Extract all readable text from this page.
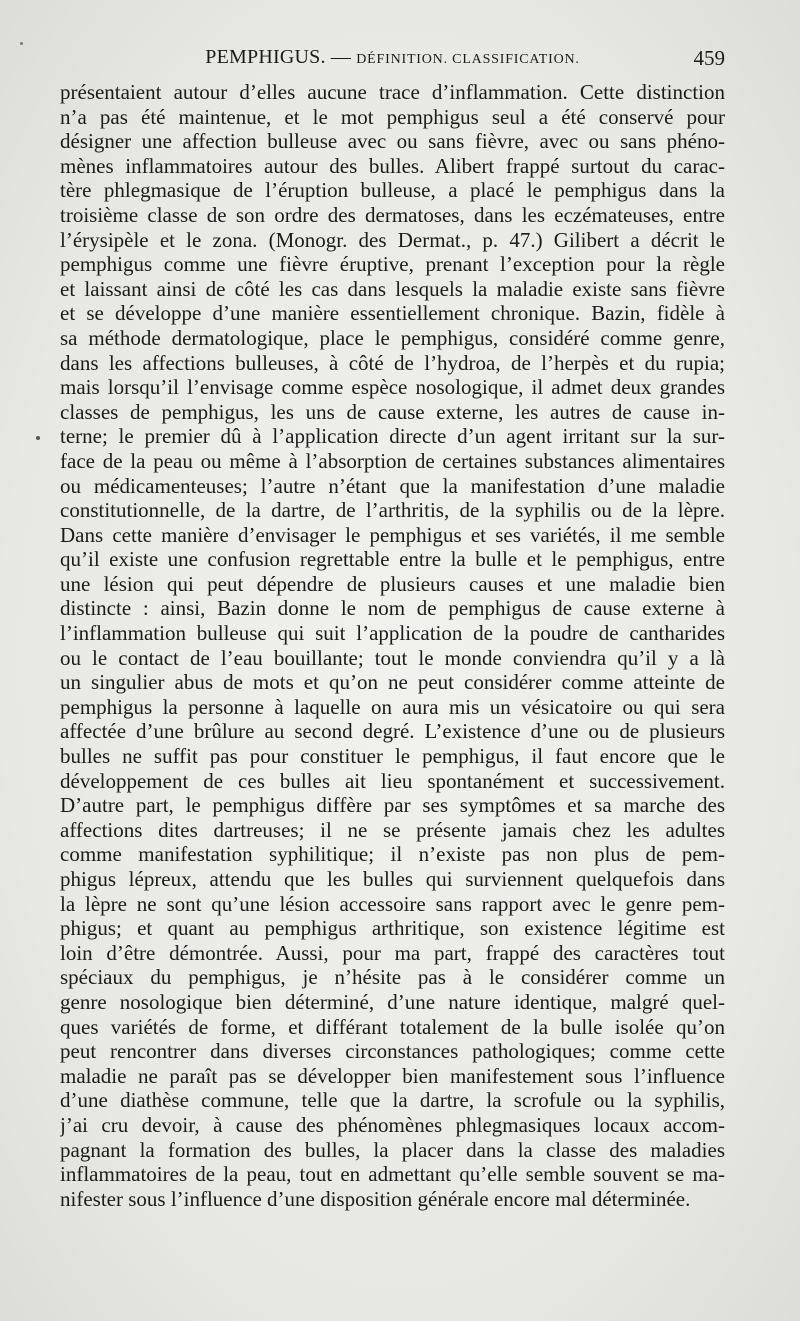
PEMPHIGUS. — DÉFINITION. CLASSIFICATION.	459
présentaient autour d’elles aucune trace d’inflammation. Cette distinction
n’a pas été maintenue, et le mot pemphigus seul a été conservé pour
désigner une affection bulleuse avec ou sans fièvre, avec ou sans phéno-
mènes inflammatoires autour des bulles. Alibert frappé surtout du carac-
tère phlegmasique de l’éruption bulleuse, a placé le pemphigus dans la
troisième classe de son ordre des dermatoses, dans les eczémateuses, entre
l’érysipèle et le zona. (Monogr. des Dermat., p. 47.) Gilibert a décrit le
pemphigus comme une fièvre éruptive, prenant l’exception pour la règle
et laissant ainsi de côté les cas dans lesquels la maladie existe sans fièvre
et se développe d’une manière essentiellement chronique. Bazin, fidèle à
sa méthode dermatologique, place le pemphigus, considéré comme genre,
dans les affections bulleuses, à côté de l’hydroa, de l’herpès et du rupia;
mais lorsqu’il l’envisage comme espèce nosologique, il admet deux grandes
classes de pemphigus, les uns de cause externe, les autres de cause in-
terne; le premier dû à l’application directe d’un agent irritant sur la sur-
face de la peau ou même à l’absorption de certaines substances alimentaires
ou médicamenteuses; l’autre n’étant que la manifestation d’une maladie
constitutionnelle, de la dartre, de l’arthritis, de la syphilis ou de la lèpre.
Dans cette manière d’envisager le pemphigus et ses variétés, il me semble
qu’il existe une confusion regrettable entre la bulle et le pemphigus, entre
une lésion qui peut dépendre de plusieurs causes et une maladie bien
distincte : ainsi, Bazin donne le nom de pemphigus de cause externe à
l’inflammation bulleuse qui suit l’application de la poudre de cantharides
ou le contact de l’eau bouillante; tout le monde conviendra qu’il y a là
un singulier abus de mots et qu’on ne peut considérer comme atteinte de
pemphigus la personne à laquelle on aura mis un vésicatoire ou qui sera
affectée d’une brûlure au second degré. L’existence d’une ou de plusieurs
bulles ne suffit pas pour constituer le pemphigus, il faut encore que le
développement de ces bulles ait lieu spontanément et successivement.
D’autre part, le pemphigus diffère par ses symptômes et sa marche des
affections dites dartreuses; il ne se présente jamais chez les adultes
comme manifestation syphilitique; il n’existe pas non plus de pem-
phigus lépreux, attendu que les bulles qui surviennent quelquefois dans
la lèpre ne sont qu’une lésion accessoire sans rapport avec le genre pem-
phigus; et quant au pemphigus arthritique, son existence légitime est
loin d’être démontrée. Aussi, pour ma part, frappé des caractères tout
spéciaux du pemphigus, je n’hésite pas à le considérer comme un
genre nosologique bien déterminé, d’une nature identique, malgré quel-
ques variétés de forme, et différant totalement de la bulle isolée qu’on
peut rencontrer dans diverses circonstances pathologiques; comme cette
maladie ne paraît pas se développer bien manifestement sous l’influence
d’une diathèse commune, telle que la dartre, la scrofule ou la syphilis,
j’ai cru devoir, à cause des phénomènes phlegmasiques locaux accom-
pagnant la formation des bulles, la placer dans la classe des maladies
inflammatoires de la peau, tout en admettant qu’elle semble souvent se ma-
nifester sous l’influence d’une disposition générale encore mal déterminée.
